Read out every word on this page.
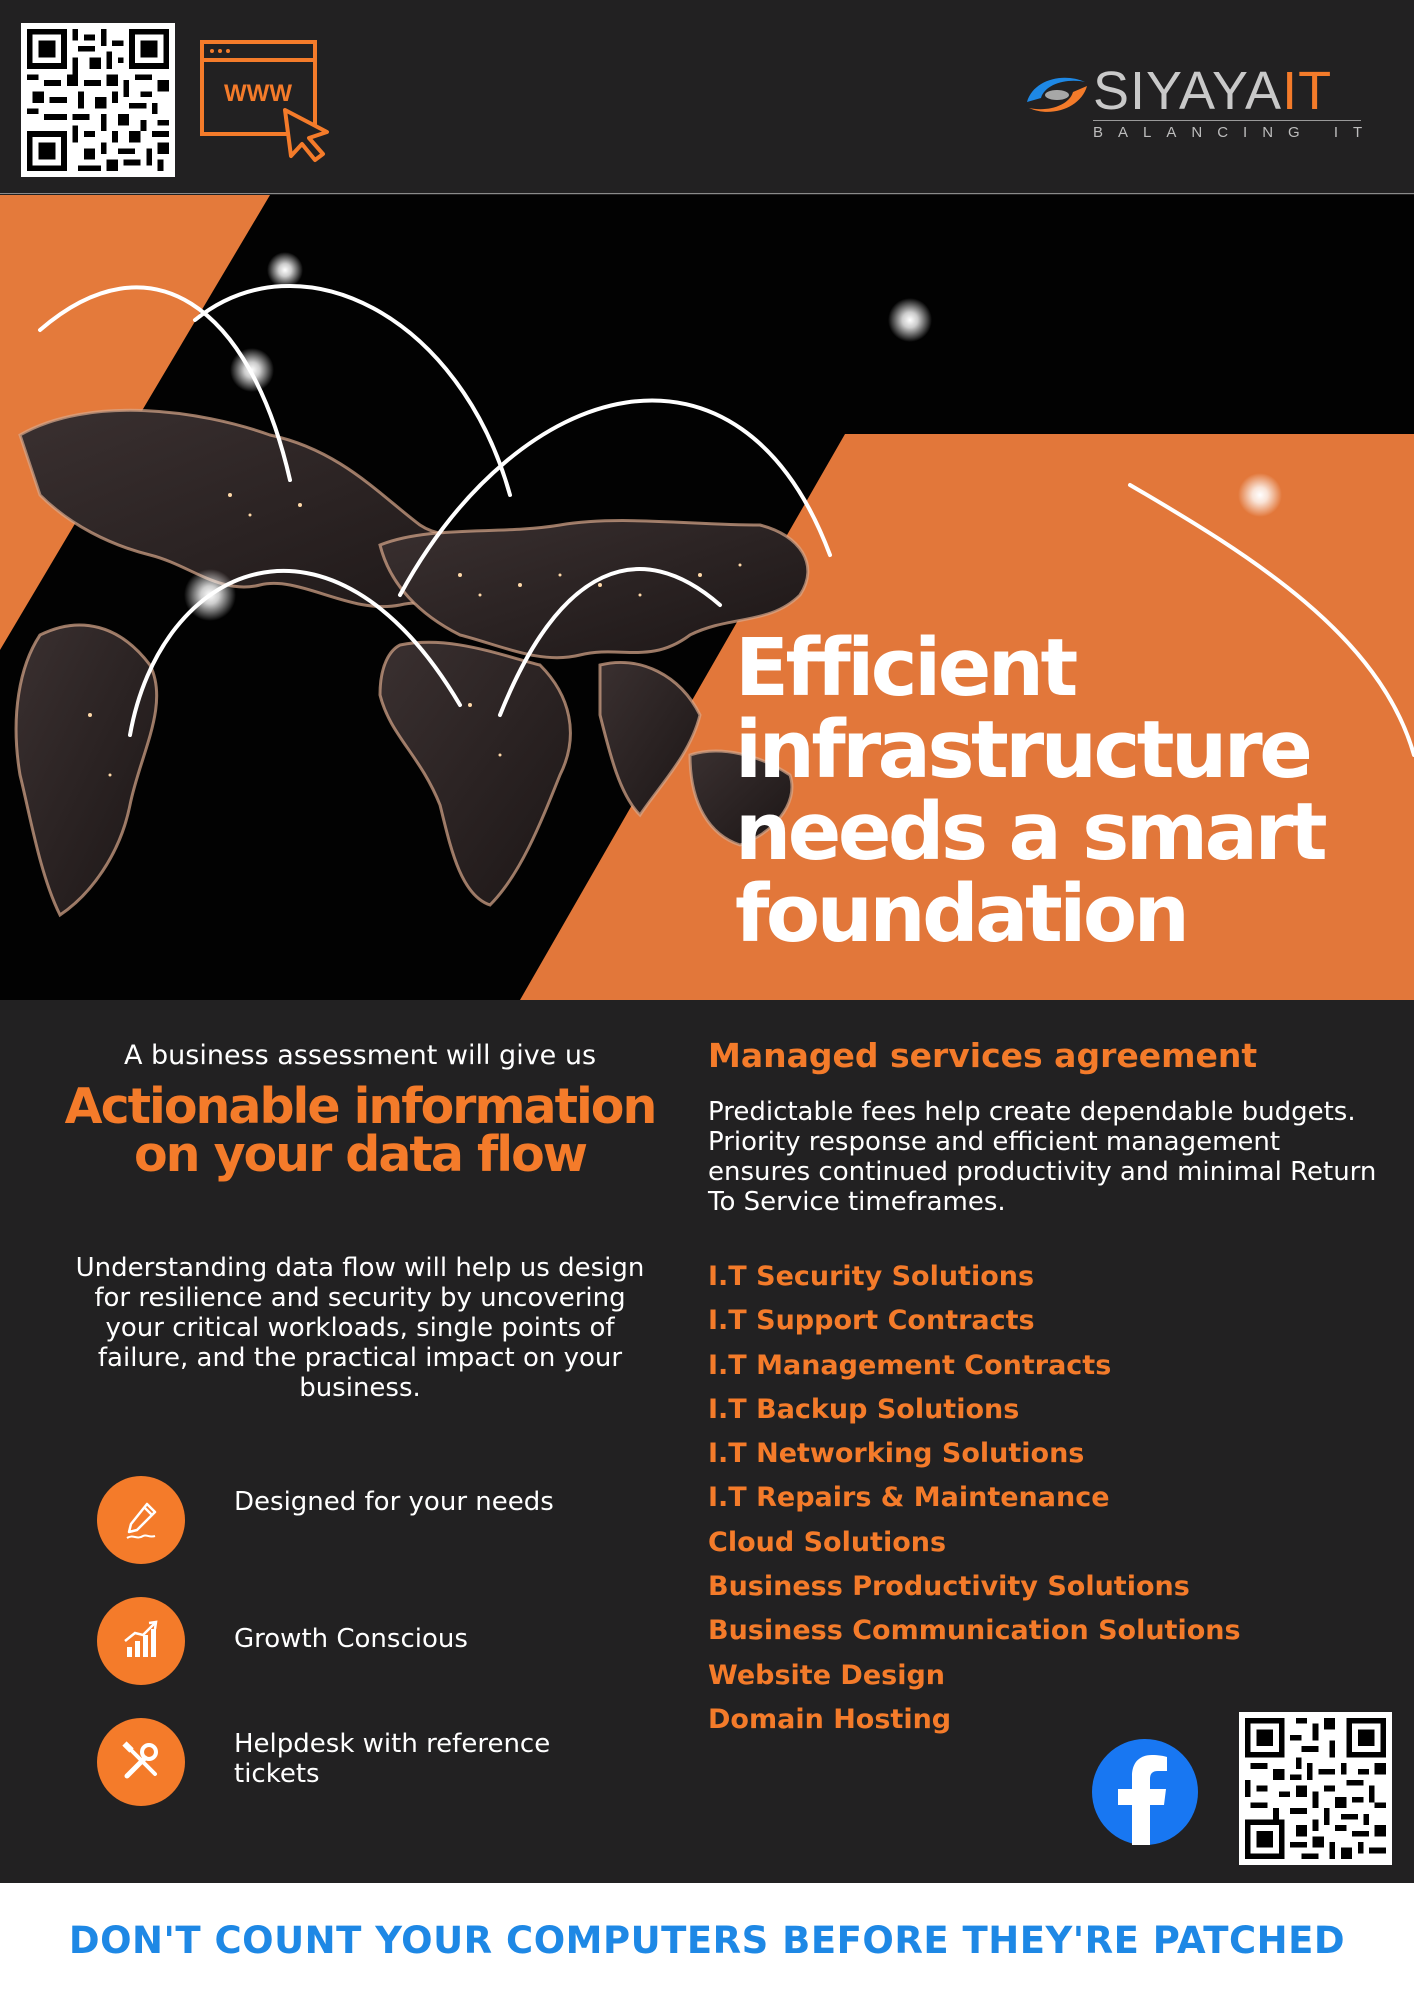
WWW	SIYAYAIT
BALANCING IT
Efficient infrastructure needs a smart foundation
A business assessment will give us
Actionable information on your data flow
Understanding data flow will help us design for resilience and security by uncovering your critical workloads, single points of failure, and the practical impact on your business.
Designed for your needs
Growth Conscious
Helpdesk with reference tickets
Managed services agreement
Predictable fees help create dependable budgets. Priority response and efficient management ensures continued productivity and minimal Return To Service timeframes.
I.T Security Solutions
I.T Support Contracts
I.T Management Contracts
I.T Backup Solutions
I.T Networking Solutions
I.T Repairs & Maintenance
Cloud Solutions
Business Productivity Solutions
Business Communication Solutions
Website Design
Domain Hosting
DON'T COUNT YOUR COMPUTERS BEFORE THEY'RE PATCHED
